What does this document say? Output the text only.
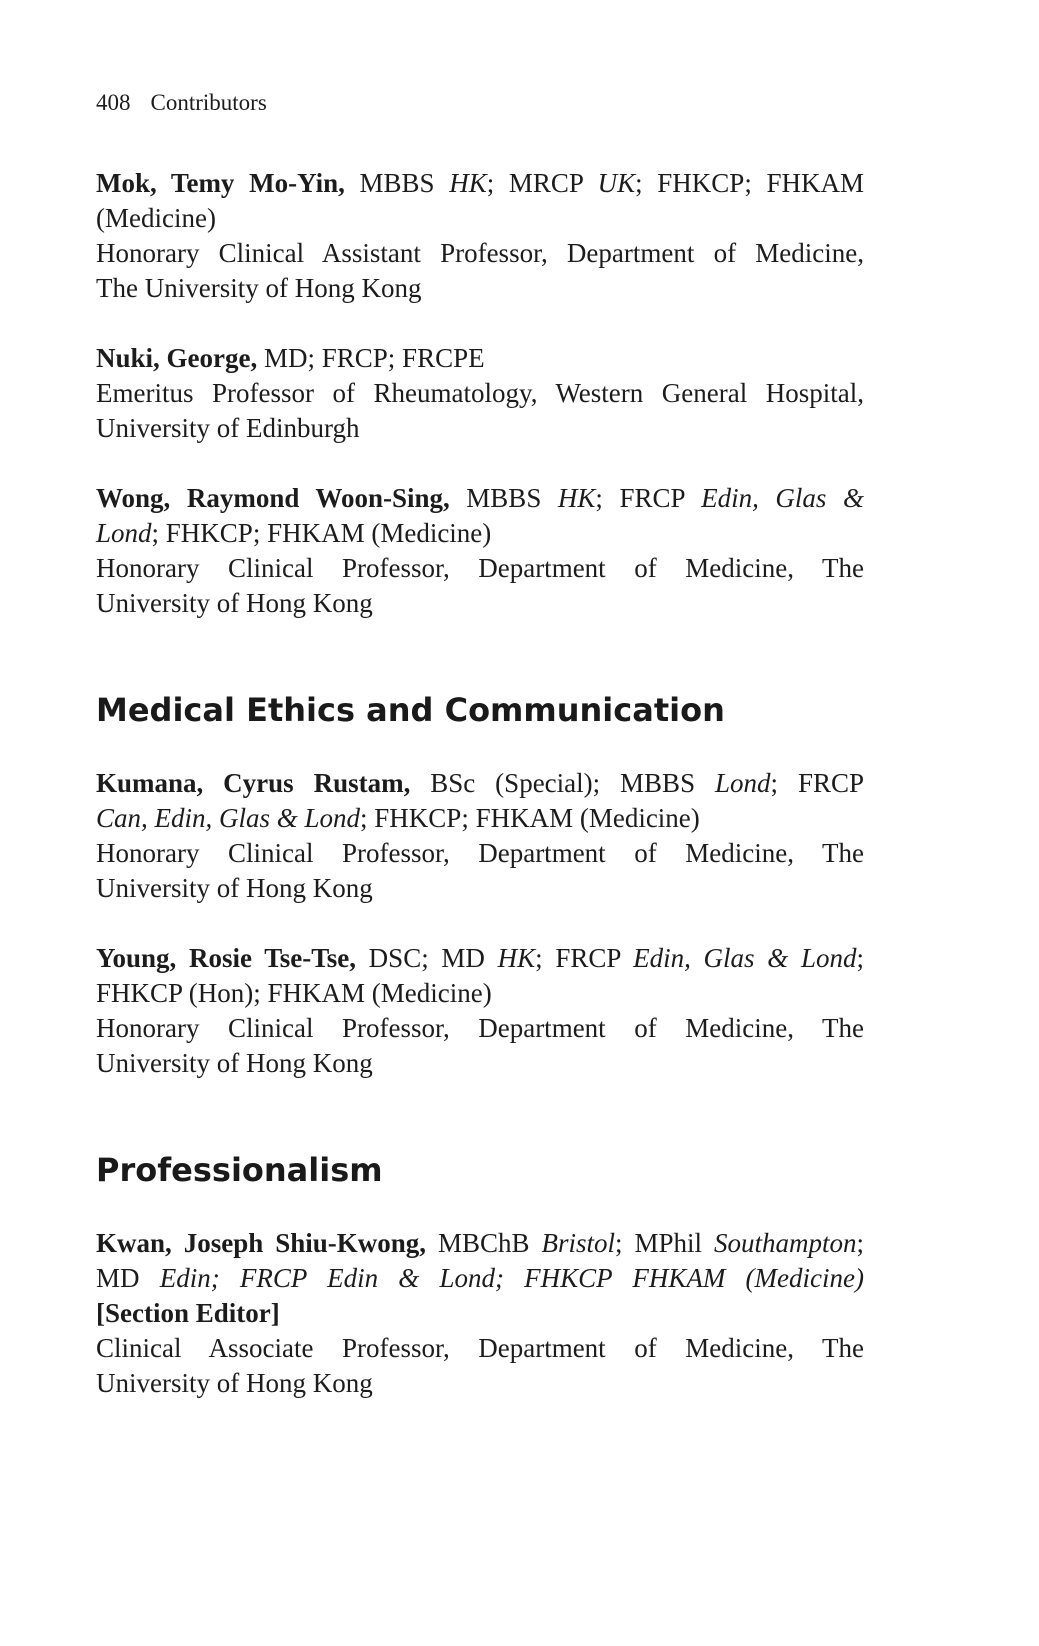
408 Contributors
Mok, Temy Mo-Yin, MBBS HK; MRCP UK; FHKCP; FHKAM
(Medicine)
Honorary Clinical Assistant Professor, Department of Medicine,
The University of Hong Kong
Nuki, George, MD; FRCP; FRCPE
Emeritus Professor of Rheumatology, Western General Hospital,
University of Edinburgh
Wong, Raymond Woon-Sing, MBBS HK; FRCP Edin, Glas &
Lond; FHKCP; FHKAM (Medicine)
Honorary Clinical Professor, Department of Medicine, The
University of Hong Kong
Medical Ethics and Communication
Kumana, Cyrus Rustam, BSc (Special); MBBS Lond; FRCP
Can, Edin, Glas & Lond; FHKCP; FHKAM (Medicine)
Honorary Clinical Professor, Department of Medicine, The
University of Hong Kong
Young, Rosie Tse-Tse, DSC; MD HK; FRCP Edin, Glas & Lond;
FHKCP (Hon); FHKAM (Medicine)
Honorary Clinical Professor, Department of Medicine, The
University of Hong Kong
Professionalism
Kwan, Joseph Shiu-Kwong, MBChB Bristol; MPhil Southampton;
MD Edin; FRCP Edin & Lond; FHKCP FHKAM (Medicine)
[Section Editor]
Clinical Associate Professor, Department of Medicine, The
University of Hong Kong
